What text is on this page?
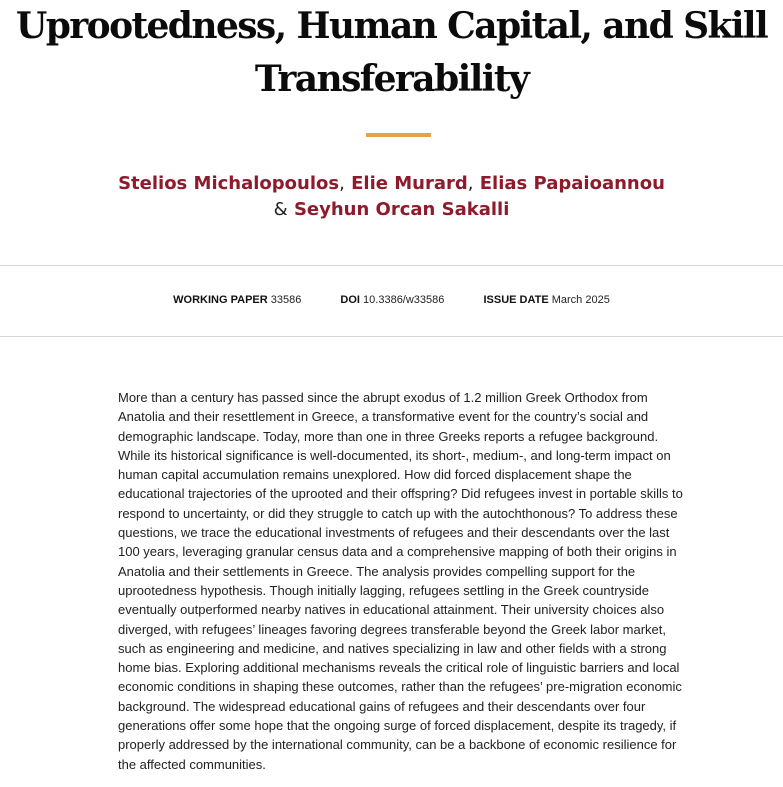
Uprootedness, Human Capital, and Skill
Transferability
Stelios Michalopoulos, Elie Murard, Elias Papaioannou
& Seyhun Orcan Sakalli
WORKING PAPER 33586	DOI 10.3386/w33586	ISSUE DATE March 2025
More than a century has passed since the abrupt exodus of 1.2 million Greek Orthodox from
Anatolia and their resettlement in Greece, a transformative event for the country’s social and
demographic landscape. Today, more than one in three Greeks reports a refugee background.
While its historical significance is well-documented, its short-, medium-, and long-term impact on
human capital accumulation remains unexplored. How did forced displacement shape the
educational trajectories of the uprooted and their offspring? Did refugees invest in portable skills to
respond to uncertainty, or did they struggle to catch up with the autochthonous? To address these
questions, we trace the educational investments of refugees and their descendants over the last
100 years, leveraging granular census data and a comprehensive mapping of both their origins in
Anatolia and their settlements in Greece. The analysis provides compelling support for the
uprootedness hypothesis. Though initially lagging, refugees settling in the Greek countryside
eventually outperformed nearby natives in educational attainment. Their university choices also
diverged, with refugees’ lineages favoring degrees transferable beyond the Greek labor market,
such as engineering and medicine, and natives specializing in law and other fields with a strong
home bias. Exploring additional mechanisms reveals the critical role of linguistic barriers and local
economic conditions in shaping these outcomes, rather than the refugees’ pre-migration economic
background. The widespread educational gains of refugees and their descendants over four
generations offer some hope that the ongoing surge of forced displacement, despite its tragedy, if
properly addressed by the international community, can be a backbone of economic resilience for
the affected communities.
